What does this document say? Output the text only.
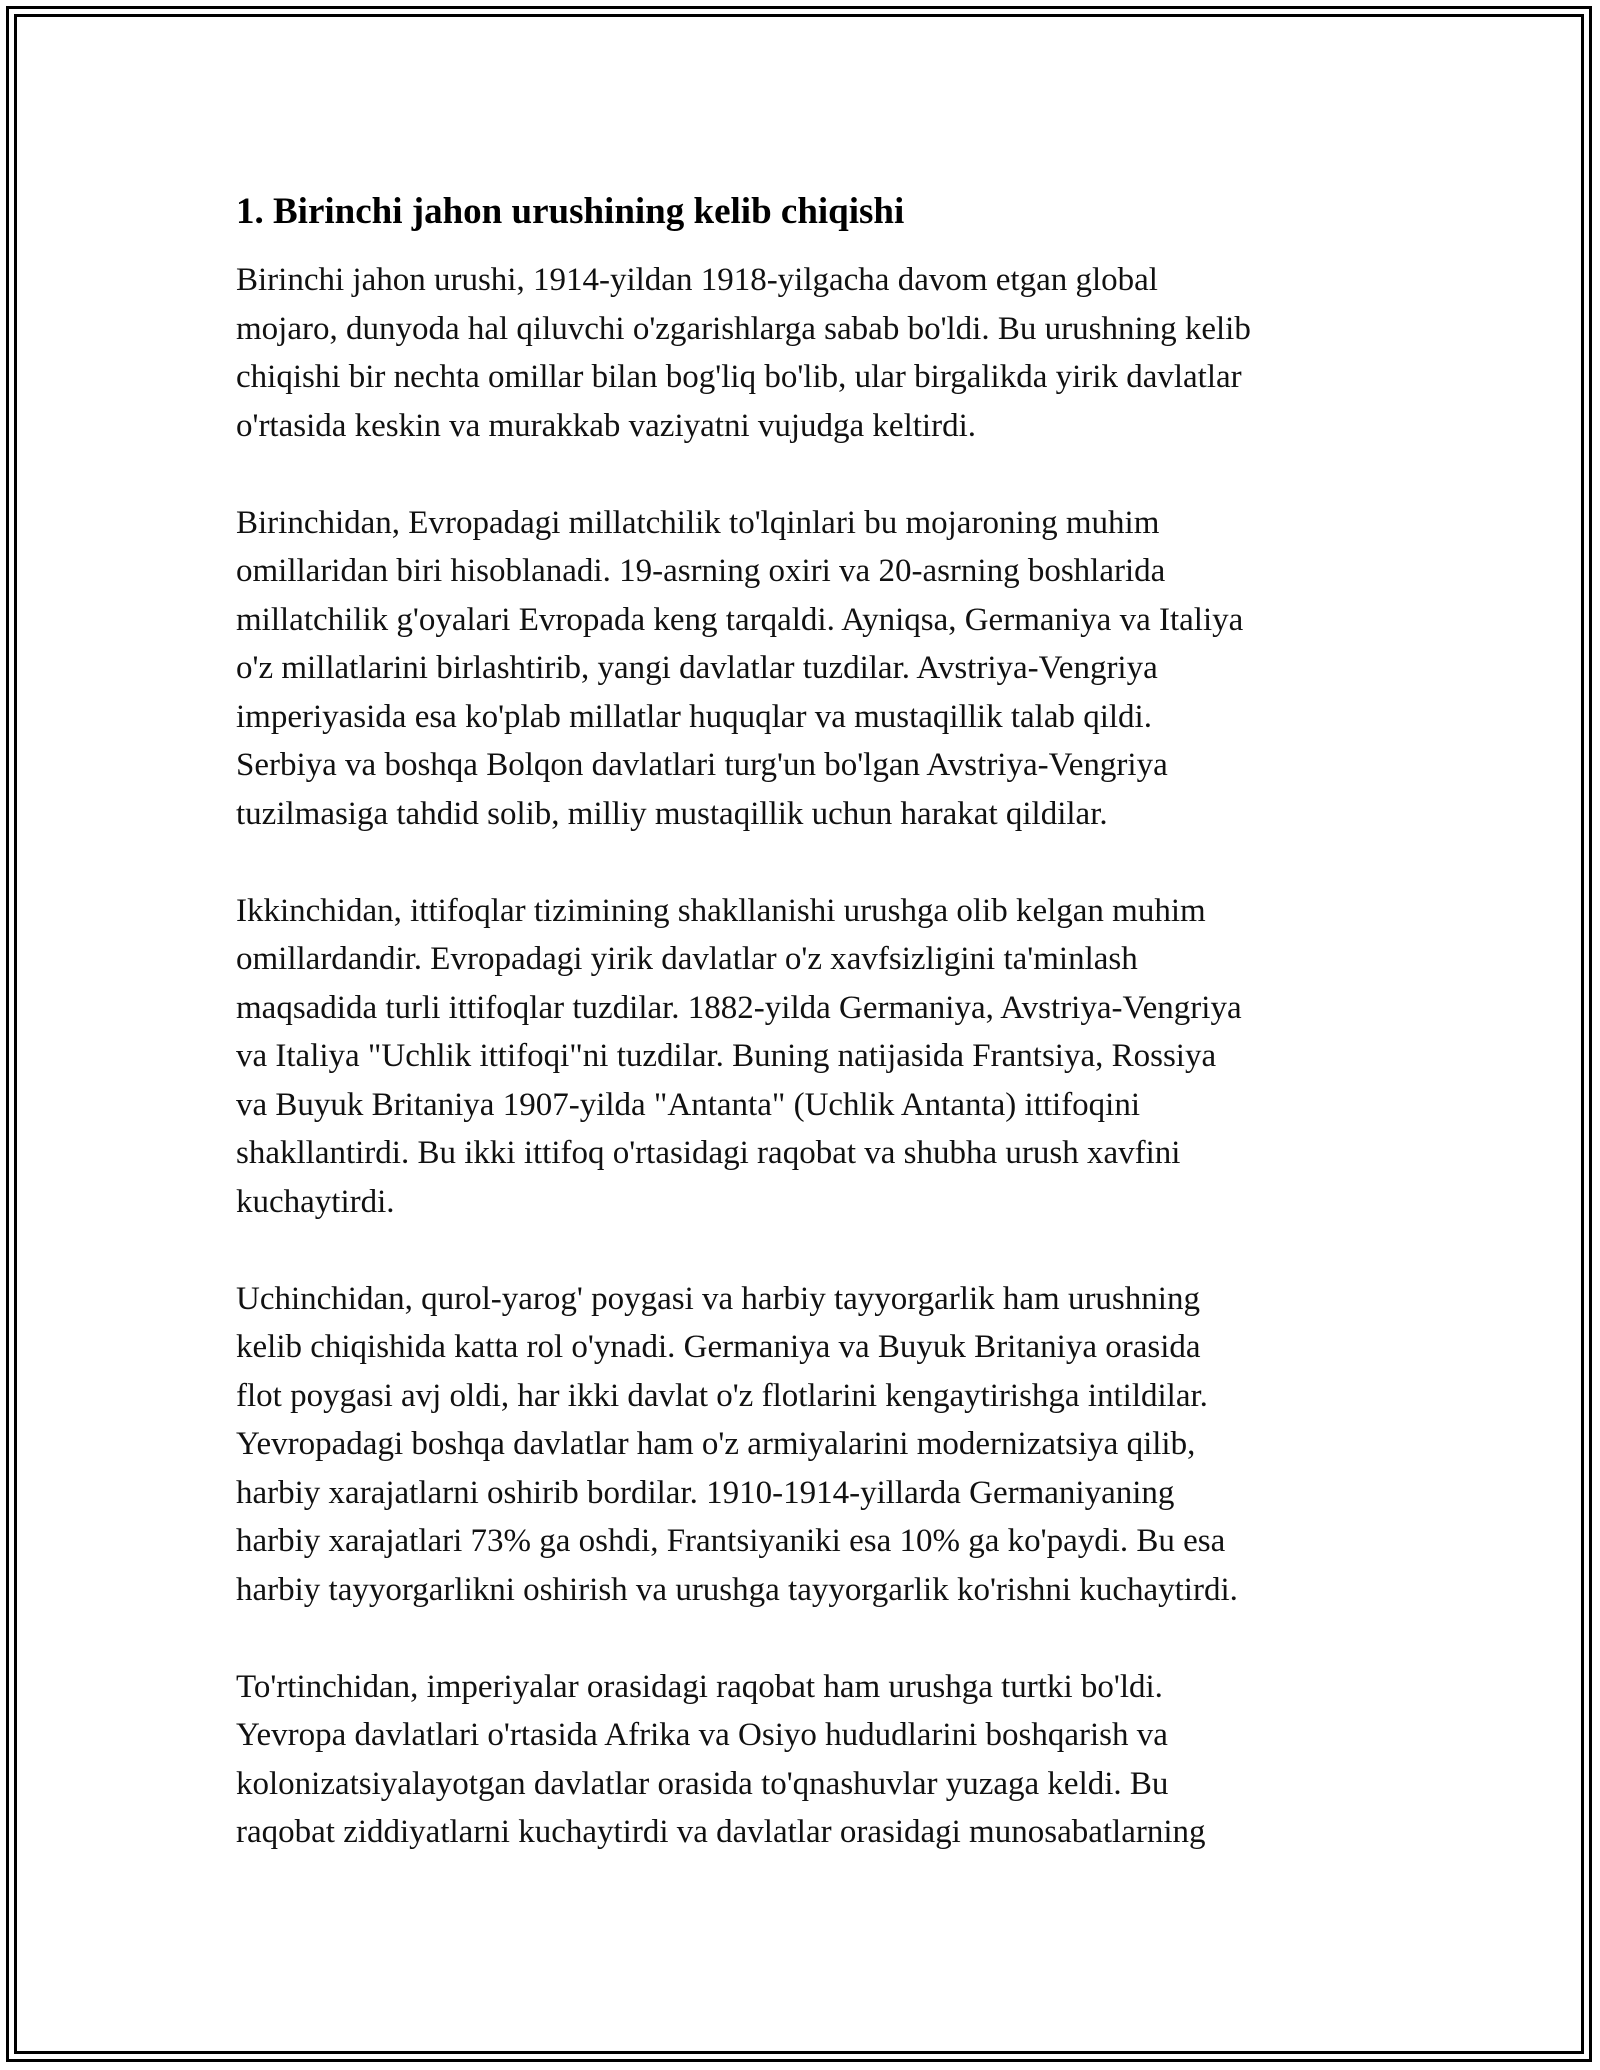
1. Birinchi jahon urushining kelib chiqishi

Birinchi jahon urushi, 1914-yildan 1918-yilgacha davom etgan global
mojaro, dunyoda hal qiluvchi o'zgarishlarga sabab bo'ldi. Bu urushning kelib
chiqishi bir nechta omillar bilan bog'liq bo'lib, ular birgalikda yirik davlatlar
o'rtasida keskin va murakkab vaziyatni vujudga keltirdi.

Birinchidan, Evropadagi millatchilik to'lqinlari bu mojaroning muhim
omillaridan biri hisoblanadi. 19-asrning oxiri va 20-asrning boshlarida
millatchilik g'oyalari Evropada keng tarqaldi. Ayniqsa, Germaniya va Italiya
o'z millatlarini birlashtirib, yangi davlatlar tuzdilar. Avstriya-Vengriya
imperiyasida esa ko'plab millatlar huquqlar va mustaqillik talab qildi.
Serbiya va boshqa Bolqon davlatlari turg'un bo'lgan Avstriya-Vengriya
tuzilmasiga tahdid solib, milliy mustaqillik uchun harakat qildilar.

Ikkinchidan, ittifoqlar tizimining shakllanishi urushga olib kelgan muhim
omillardandir. Evropadagi yirik davlatlar o'z xavfsizligini ta'minlash
maqsadida turli ittifoqlar tuzdilar. 1882-yilda Germaniya, Avstriya-Vengriya
va Italiya "Uchlik ittifoqi"ni tuzdilar. Buning natijasida Frantsiya, Rossiya
va Buyuk Britaniya 1907-yilda "Antanta" (Uchlik Antanta) ittifoqini
shakllantirdi. Bu ikki ittifoq o'rtasidagi raqobat va shubha urush xavfini
kuchaytirdi.

Uchinchidan, qurol-yarog' poygasi va harbiy tayyorgarlik ham urushning
kelib chiqishida katta rol o'ynadi. Germaniya va Buyuk Britaniya orasida
flot poygasi avj oldi, har ikki davlat o'z flotlarini kengaytirishga intildilar.
Yevropadagi boshqa davlatlar ham o'z armiyalarini modernizatsiya qilib,
harbiy xarajatlarni oshirib bordilar. 1910-1914-yillarda Germaniyaning
harbiy xarajatlari 73% ga oshdi, Frantsiyaniki esa 10% ga ko'paydi. Bu esa
harbiy tayyorgarlikni oshirish va urushga tayyorgarlik ko'rishni kuchaytirdi.

To'rtinchidan, imperiyalar orasidagi raqobat ham urushga turtki bo'ldi.
Yevropa davlatlari o'rtasida Afrika va Osiyo hududlarini boshqarish va
kolonizatsiyalayotgan davlatlar orasida to'qnashuvlar yuzaga keldi. Bu
raqobat ziddiyatlarni kuchaytirdi va davlatlar orasidagi munosabatlarning
